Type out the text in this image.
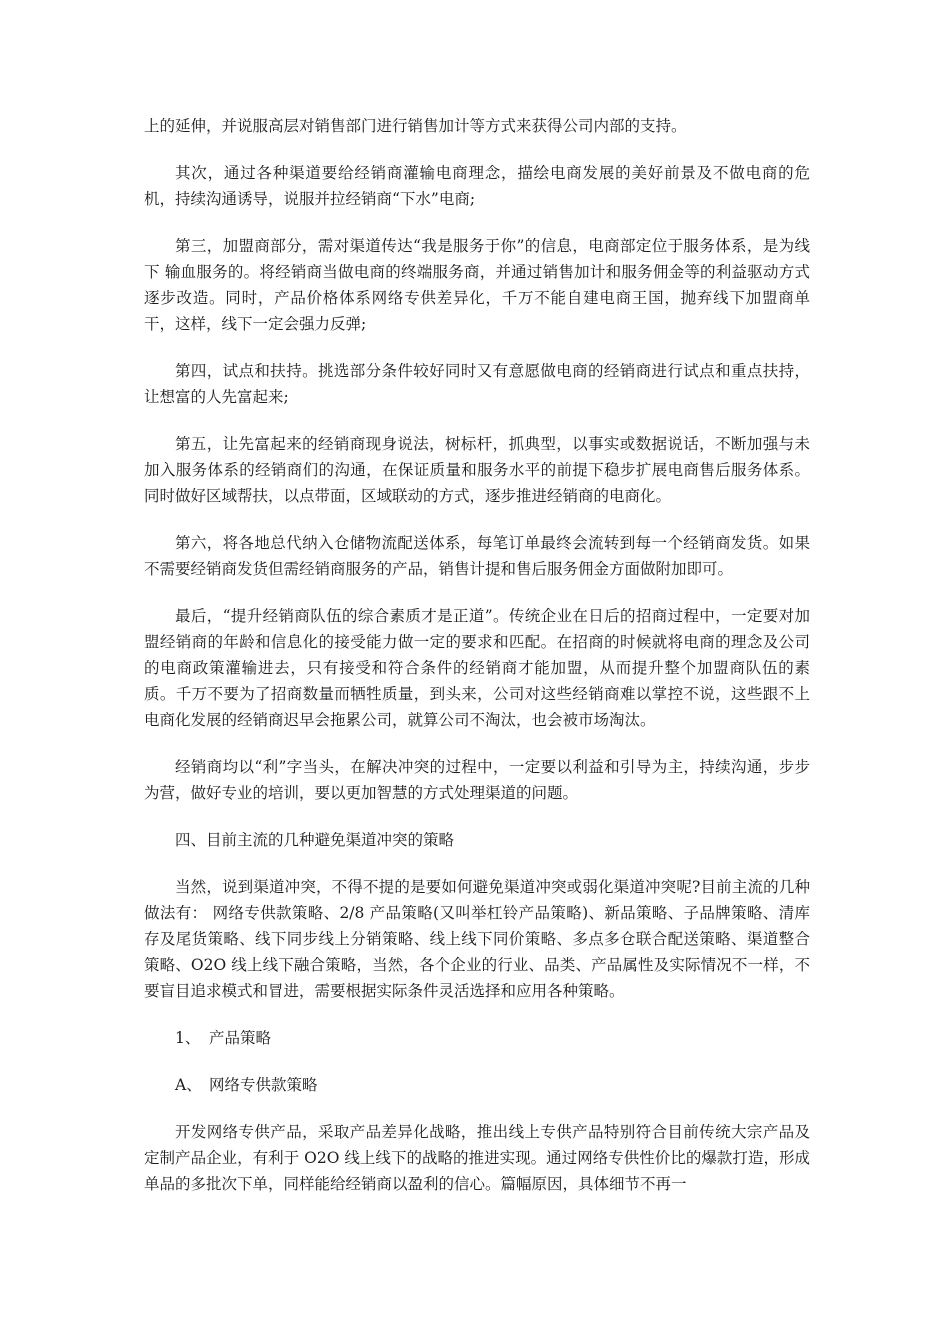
上的延伸，并说服高层对销售部门进行销售加计等方式来获得公司内部的支持。

其次，通过各种渠道要给经销商灌输电商理念，描绘电商发展的美好前景及不做电商的危机，持续沟通诱导，说服并拉经销商“下水”电商;

第三，加盟商部分，需对渠道传达“我是服务于你”的信息，电商部定位于服务体系，是为线下 输血服务的。将经销商当做电商的终端服务商，并通过销售加计和服务佣金等的利益驱动方式逐步改造。同时，产品价格体系网络专供差异化，千万不能自建电商王国，抛弃线下加盟商单干，这样，线下一定会强力反弹;

第四，试点和扶持。挑选部分条件较好同时又有意愿做电商的经销商进行试点和重点扶持，让想富的人先富起来;

第五，让先富起来的经销商现身说法，树标杆，抓典型，以事实或数据说话，不断加强与未加入服务体系的经销商们的沟通，在保证质量和服务水平的前提下稳步扩展电商售后服务体系。同时做好区域帮扶，以点带面，区域联动的方式，逐步推进经销商的电商化。

第六，将各地总代纳入仓储物流配送体系，每笔订单最终会流转到每一个经销商发货。如果不需要经销商发货但需经销商服务的产品，销售计提和售后服务佣金方面做附加即可。

最后，“提升经销商队伍的综合素质才是正道”。传统企业在日后的招商过程中，一定要对加盟经销商的年龄和信息化的接受能力做一定的要求和匹配。在招商的时候就将电商的理念及公司的电商政策灌输进去，只有接受和符合条件的经销商才能加盟，从而提升整个加盟商队伍的素质。千万不要为了招商数量而牺牲质量，到头来，公司对这些经销商难以掌控不说，这些跟不上电商化发展的经销商迟早会拖累公司，就算公司不淘汰，也会被市场淘汰。

经销商均以“利”字当头，在解决冲突的过程中，一定要以利益和引导为主，持续沟通，步步为营，做好专业的培训，要以更加智慧的方式处理渠道的问题。

四、目前主流的几种避免渠道冲突的策略

当然，说到渠道冲突，不得不提的是要如何避免渠道冲突或弱化渠道冲突呢?目前主流的几种做法有： 网络专供款策略、2/8 产品策略(又叫举杠铃产品策略)、新品策略、子品牌策略、清库存及尾货策略、线下同步线上分销策略、线上线下同价策略、多点多仓联合配送策略、渠道整合策略、O2O 线上线下融合策略，当然，各个企业的行业、品类、产品属性及实际情况不一样，不要盲目追求模式和冒进，需要根据实际条件灵活选择和应用各种策略。

1、 产品策略

A、 网络专供款策略

开发网络专供产品，采取产品差异化战略，推出线上专供产品特别符合目前传统大宗产品及定制产品企业，有利于 O2O 线上线下的战略的推进实现。通过网络专供性价比的爆款打造，形成单品的多批次下单，同样能给经销商以盈利的信心。篇幅原因，具体细节不再一
